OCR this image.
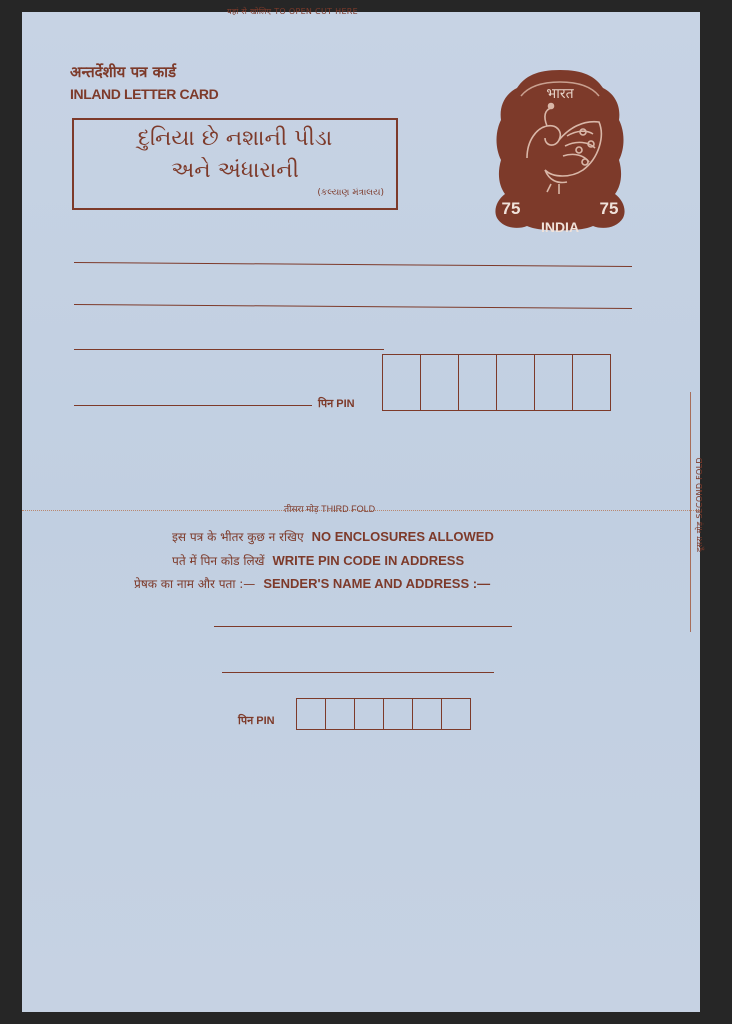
यहां से खोलिए TO OPEN CUT HERE
अन्तर्देशीय पत्र कार्ड
INLAND LETTER CARD
દુનિયા છે નશાની પીડા
અને અંધારાની
(કલ્યાણ મંત્રાલય)
भारत
75	75
INDIA
पिन PIN
तीसरा मोड़ THIRD FOLD	दूसरा मोड़ SECOND FOLD
इस पत्र के भीतर कुछ न रखिए NO ENCLOSURES ALLOWED
पते में पिन कोड लिखें WRITE PIN CODE IN ADDRESS
प्रेषक का नाम और पता :— SENDER'S NAME AND ADDRESS :—
पिन PIN
